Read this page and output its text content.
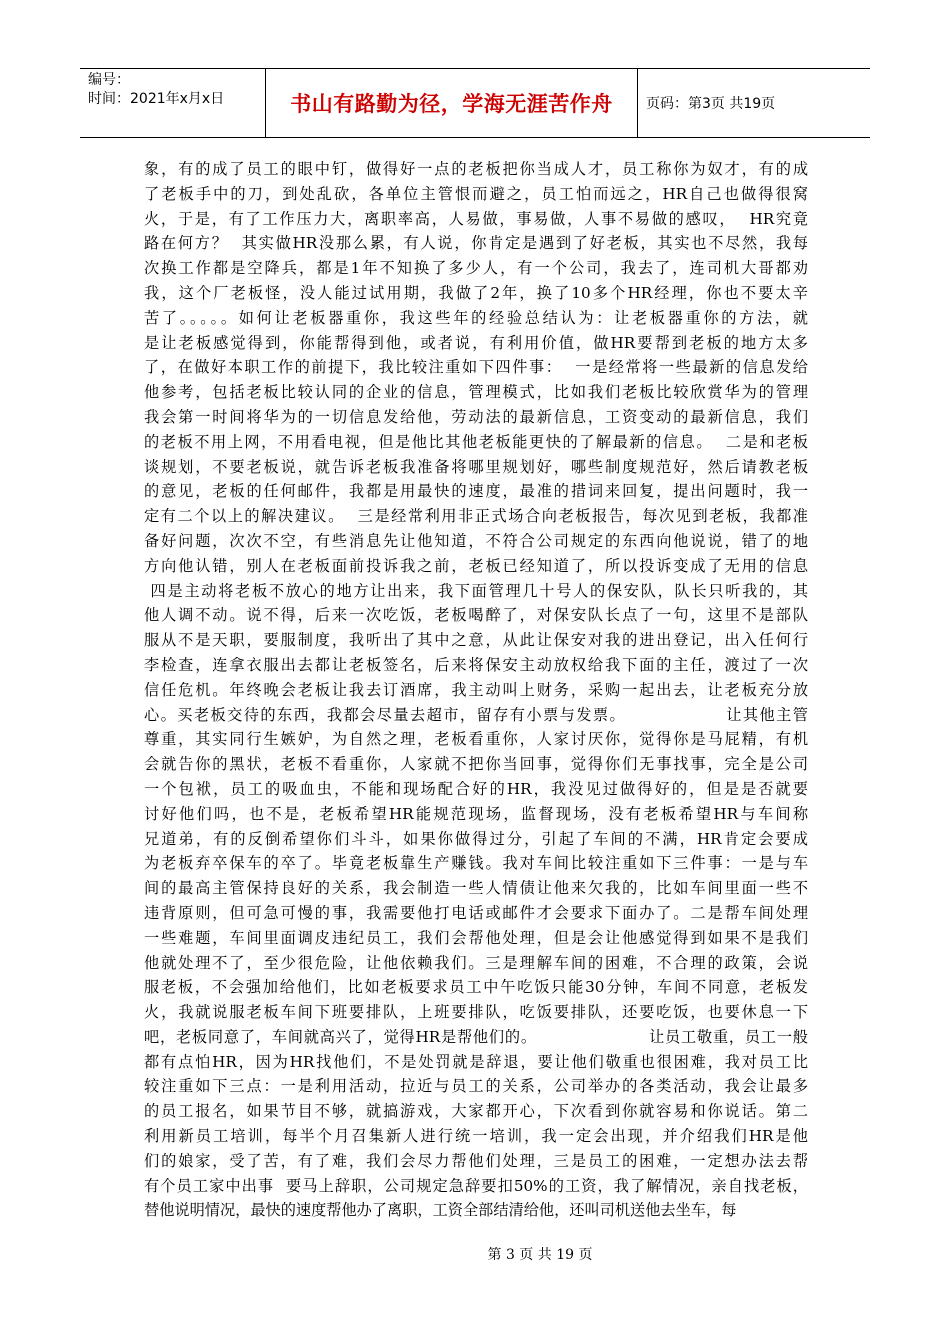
编号：
时间：2021年x月x日	书山有路勤为径，学海无涯苦作舟	页码：第3页 共19页

象，有的成了员工的眼中钉，做得好一点的老板把你当成人才，员工称你为奴才，有的成

了老板手中的刀，到处乱砍，各单位主管恨而避之，员工怕而远之，HR自己也做得很窝

火，于是，有了工作压力大，离职率高，人易做，事易做，人事不易做的感叹，  HR究竟

路在何方？  其实做HR没那么累，有人说，你肯定是遇到了好老板，其实也不尽然，我每

次换工作都是空降兵，都是1年不知换了多少人，有一个公司，我去了，连司机大哥都劝

我，这个厂老板怪，没人能过试用期，我做了2年，换了10多个HR经理，你也不要太辛

苦了。。。。。如何让老板器重你，我这些年的经验总结认为：让老板器重你的方法，就

是让老板感觉得到，你能帮得到他，或者说，有利用价值，做HR要帮到老板的地方太多

了，在做好本职工作的前提下，我比较注重如下四件事：  一是经常将一些最新的信息发给

他参考，包括老板比较认同的企业的信息，管理模式，比如我们老板比较欣赏华为的管理

我会第一时间将华为的一切信息发给他，劳动法的最新信息，工资变动的最新信息，我们

的老板不用上网，不用看电视，但是他比其他老板能更快的了解最新的信息。  二是和老板

谈规划，不要老板说，就告诉老板我准备将哪里规划好，哪些制度规范好，然后请教老板

的意见，老板的任何邮件，我都是用最快的速度，最准的措词来回复，提出问题时，我一

定有二个以上的解决建议。  三是经常利用非正式场合向老板报告，每次见到老板，我都准

备好问题，次次不空，有些消息先让他知道，不符合公司规定的东西向他说说，错了的地

方向他认错，别人在老板面前投诉我之前，老板已经知道了，所以投诉变成了无用的信息

四是主动将老板不放心的地方让出来，我下面管理几十号人的保安队，队长只听我的，其

他人调不动。说不得，后来一次吃饭，老板喝醉了，对保安队长点了一句，这里不是部队

服从不是天职，要服制度，我听出了其中之意，从此让保安对我的进出登记，出入任何行

李检查，连拿衣服出去都让老板签名，后来将保安主动放权给我下面的主任，渡过了一次

信任危机。年终晚会老板让我去订酒席，我主动叫上财务，采购一起出去，让老板充分放

心。买老板交待的东西，我都会尽量去超市，留存有小票与发票。                让其他主管

尊重，其实同行生嫉妒，为自然之理，老板看重你，人家讨厌你，觉得你是马屁精，有机

会就告你的黑状，老板不看重你，人家就不把你当回事，觉得你们无事找事，完全是公司

一个包袱，员工的吸血虫，不能和现场配合好的HR，我没见过做得好的，但是是否就要

讨好他们吗，也不是，老板希望HR能规范现场，监督现场，没有老板希望HR与车间称

兄道弟，有的反倒希望你们斗斗，如果你做得过分，引起了车间的不满，HR肯定会要成

为老板弃卒保车的卒了。毕竟老板靠生产赚钱。我对车间比较注重如下三件事：一是与车

间的最高主管保持良好的关系，我会制造一些人情债让他来欠我的，比如车间里面一些不

违背原则，但可急可慢的事，我需要他打电话或邮件才会要求下面办了。二是帮车间处理

一些难题，车间里面调皮违纪员工，我们会帮他处理，但是会让他感觉得到如果不是我们

他就处理不了，至少很危险，让他依赖我们。三是理解车间的困难，不合理的政策，会说

服老板，不会强加给他们，比如老板要求员工中午吃饭只能30分钟，车间不同意，老板发

火，我就说服老板车间下班要排队，上班要排队，吃饭要排队，还要吃饭，也要休息一下

吧，老板同意了，车间就高兴了，觉得HR是帮他们的。                    让员工敬重，员工一般

都有点怕HR，因为HR找他们，不是处罚就是辞退，要让他们敬重也很困难，我对员工比

较注重如下三点：一是利用活动，拉近与员工的关系，公司举办的各类活动，我会让最多

的员工报名，如果节目不够，就搞游戏，大家都开心，下次看到你就容易和你说话。第二

利用新员工培训，每半个月召集新人进行统一培训，我一定会出现，并介绍我们HR是他

们的娘家，受了苦，有了难，我们会尽力帮他们处理，三是员工的困难，一定想办法去帮

有个员工家中出事  要马上辞职，公司规定急辞要扣50%的工资，我了解情况，亲自找老板，

替他说明情况，最快的速度帮他办了离职，工资全部结清给他，还叫司机送他去坐车，每

第 3 页 共 19 页
